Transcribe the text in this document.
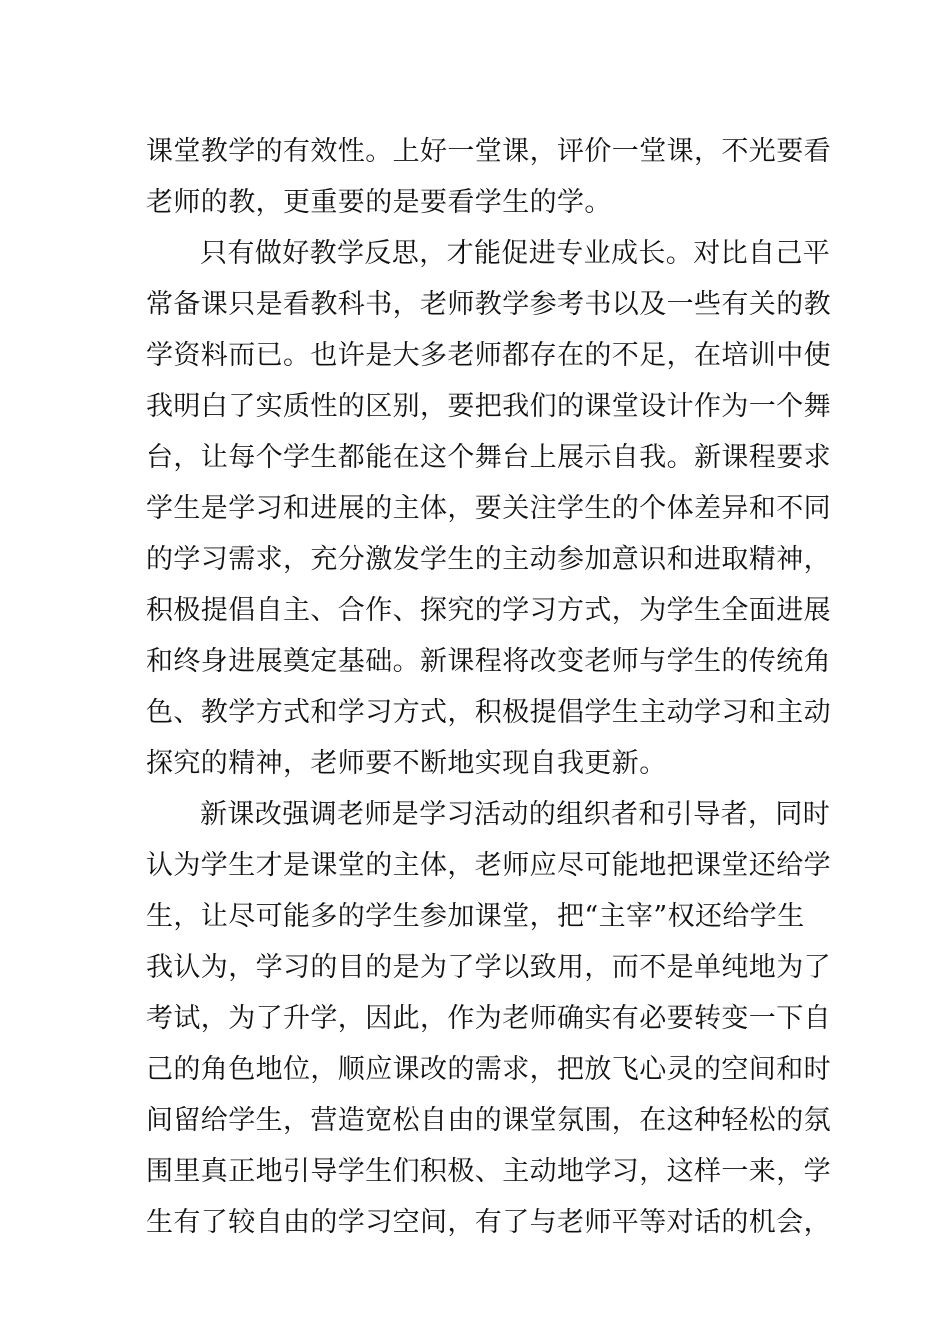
课堂教学的有效性。上好一堂课，评价一堂课，不光要看
老师的教，更重要的是要看学生的学。
只有做好教学反思，才能促进专业成长。对比自己平
常备课只是看教科书，老师教学参考书以及一些有关的教
学资料而已。也许是大多老师都存在的不足，在培训中使
我明白了实质性的区别，要把我们的课堂设计作为一个舞
台，让每个学生都能在这个舞台上展示自我。新课程要求
学生是学习和进展的主体，要关注学生的个体差异和不同
的学习需求，充分激发学生的主动参加意识和进取精神，
积极提倡自主、合作、探究的学习方式，为学生全面进展
和终身进展奠定基础。新课程将改变老师与学生的传统角
色、教学方式和学习方式，积极提倡学生主动学习和主动
探究的精神，老师要不断地实现自我更新。
新课改强调老师是学习活动的组织者和引导者，同时
认为学生才是课堂的主体，老师应尽可能地把课堂还给学
生，让尽可能多的学生参加课堂，把“主宰”权还给学生
我认为，学习的目的是为了学以致用，而不是单纯地为了
考试，为了升学，因此，作为老师确实有必要转变一下自
己的角色地位，顺应课改的需求，把放飞心灵的空间和时
间留给学生，营造宽松自由的课堂氛围，在这种轻松的氛
围里真正地引导学生们积极、主动地学习，这样一来，学
生有了较自由的学习空间，有了与老师平等对话的机会，
